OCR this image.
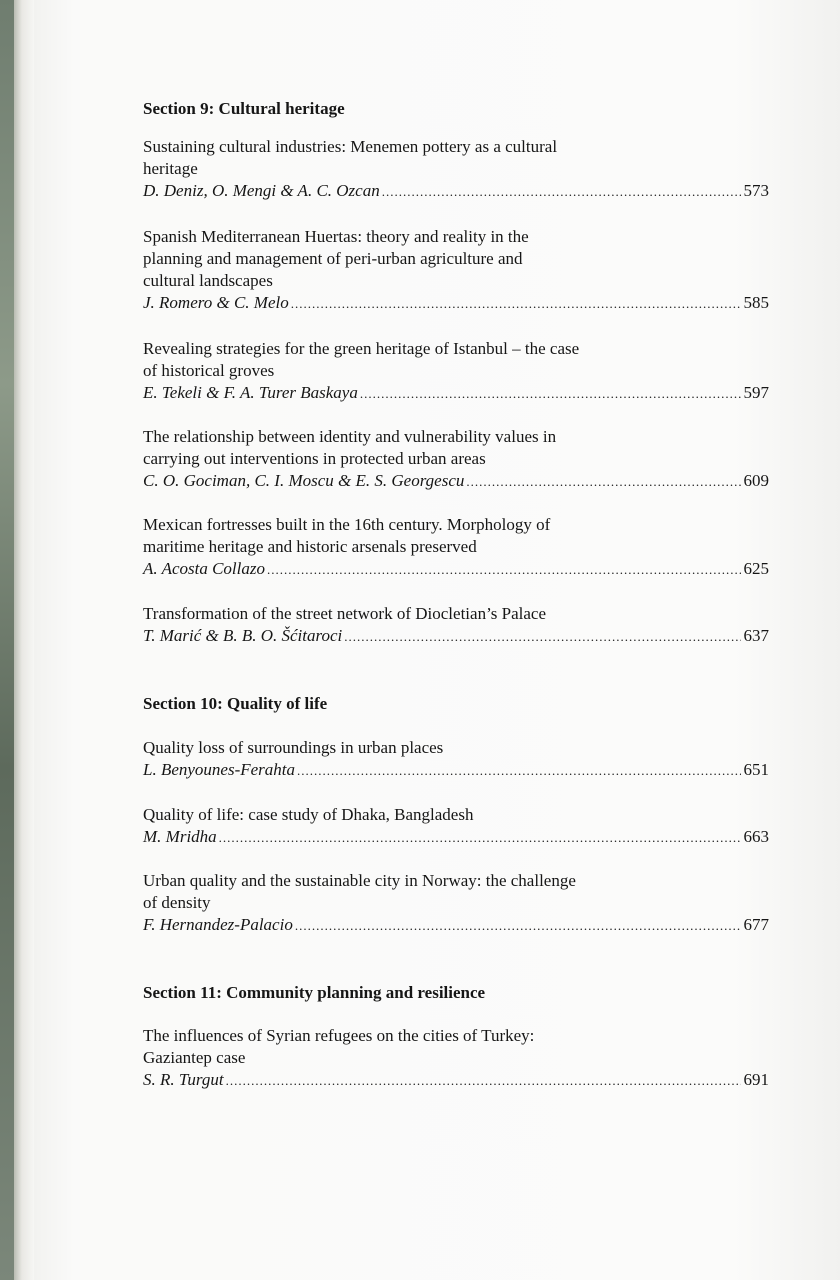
Section 9: Cultural heritage
Sustaining cultural industries: Menemen pottery as a cultural
heritage
D. Deniz, O. Mengi & A. C. Ozcan .....	573
Spanish Mediterranean Huertas: theory and reality in the
planning and management of peri-urban agriculture and
cultural landscapes
J. Romero & C. Melo .....	585
Revealing strategies for the green heritage of Istanbul – the case
of historical groves
E. Tekeli & F. A. Turer Baskaya .....	597
The relationship between identity and vulnerability values in
carrying out interventions in protected urban areas
C. O. Gociman, C. I. Moscu & E. S. Georgescu .....	609
Mexican fortresses built in the 16th century. Morphology of
maritime heritage and historic arsenals preserved
A. Acosta Collazo .....	625
Transformation of the street network of Diocletian’s Palace
T. Marić & B. B. O. Šćitaroci .....	637
Section 10: Quality of life
Quality loss of surroundings in urban places
L. Benyounes-Ferahta .....	651
Quality of life: case study of Dhaka, Bangladesh
M. Mridha .....	663
Urban quality and the sustainable city in Norway: the challenge
of density
F. Hernandez-Palacio .....	677
Section 11: Community planning and resilience
The influences of Syrian refugees on the cities of Turkey:
Gaziantep case
S. R. Turgut .....	691
